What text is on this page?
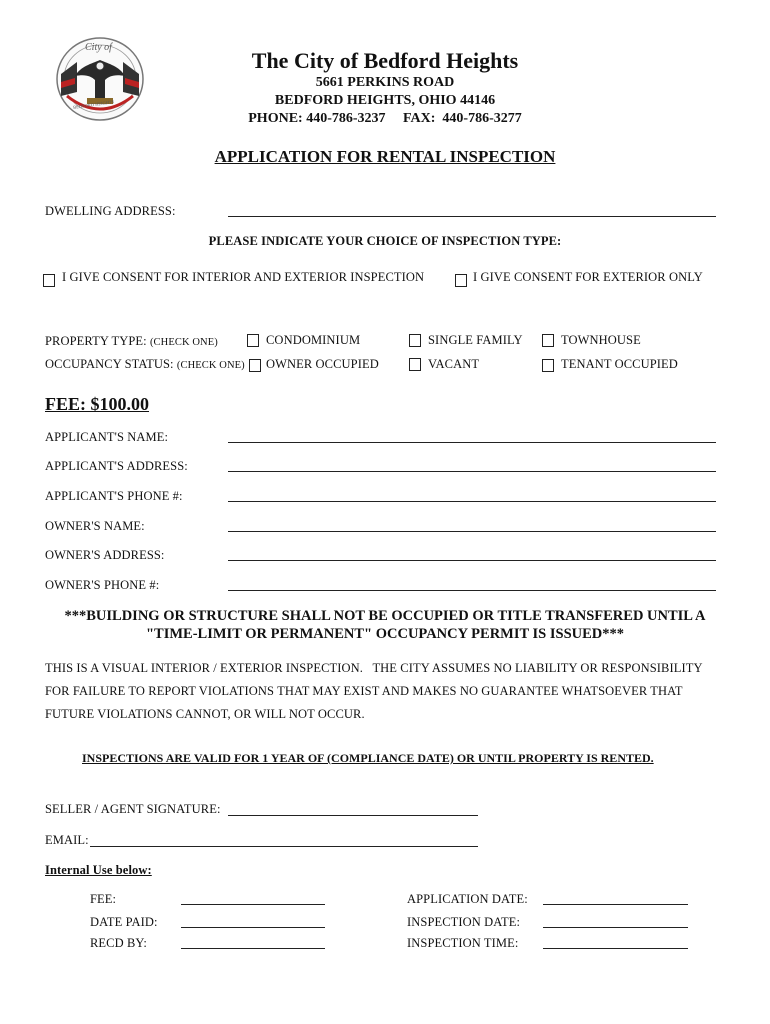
City of
BEDFORD HEIGHTS
The City of Bedford Heights
5661 PERKINS ROAD
BEDFORD HEIGHTS, OHIO 44146
PHONE: 440-786-3237     FAX:  440-786-3277
APPLICATION FOR RENTAL INSPECTION
DWELLING ADDRESS:
PLEASE INDICATE YOUR CHOICE OF INSPECTION TYPE:
I GIVE CONSENT FOR INTERIOR AND EXTERIOR INSPECTION	I GIVE CONSENT FOR EXTERIOR ONLY
PROPERTY TYPE: (CHECK ONE)	CONDOMINIUM	SINGLE FAMILY	TOWNHOUSE
OCCUPANCY STATUS: (CHECK ONE) OWNER OCCUPIED	VACANT	TENANT OCCUPIED
FEE: $100.00
APPLICANT'S NAME:
APPLICANT'S ADDRESS:
APPLICANT'S PHONE #:
OWNER'S NAME:
OWNER'S ADDRESS:
OWNER'S PHONE #:
***BUILDING OR STRUCTURE SHALL NOT BE OCCUPIED OR TITLE TRANSFERED UNTIL A
"TIME-LIMIT OR PERMANENT" OCCUPANCY PERMIT IS ISSUED***
THIS IS A VISUAL INTERIOR / EXTERIOR INSPECTION.   THE CITY ASSUMES NO LIABILITY OR RESPONSIBILITY
FOR FAILURE TO REPORT VIOLATIONS THAT MAY EXIST AND MAKES NO GUARANTEE WHATSOEVER THAT
FUTURE VIOLATIONS CANNOT, OR WILL NOT OCCUR.
INSPECTIONS ARE VALID FOR 1 YEAR OF (COMPLIANCE DATE) OR UNTIL PROPERTY IS RENTED.
SELLER / AGENT SIGNATURE:
EMAIL:
Internal Use below:
FEE:	APPLICATION DATE:
DATE PAID:	INSPECTION DATE:
RECD BY:	INSPECTION TIME:
